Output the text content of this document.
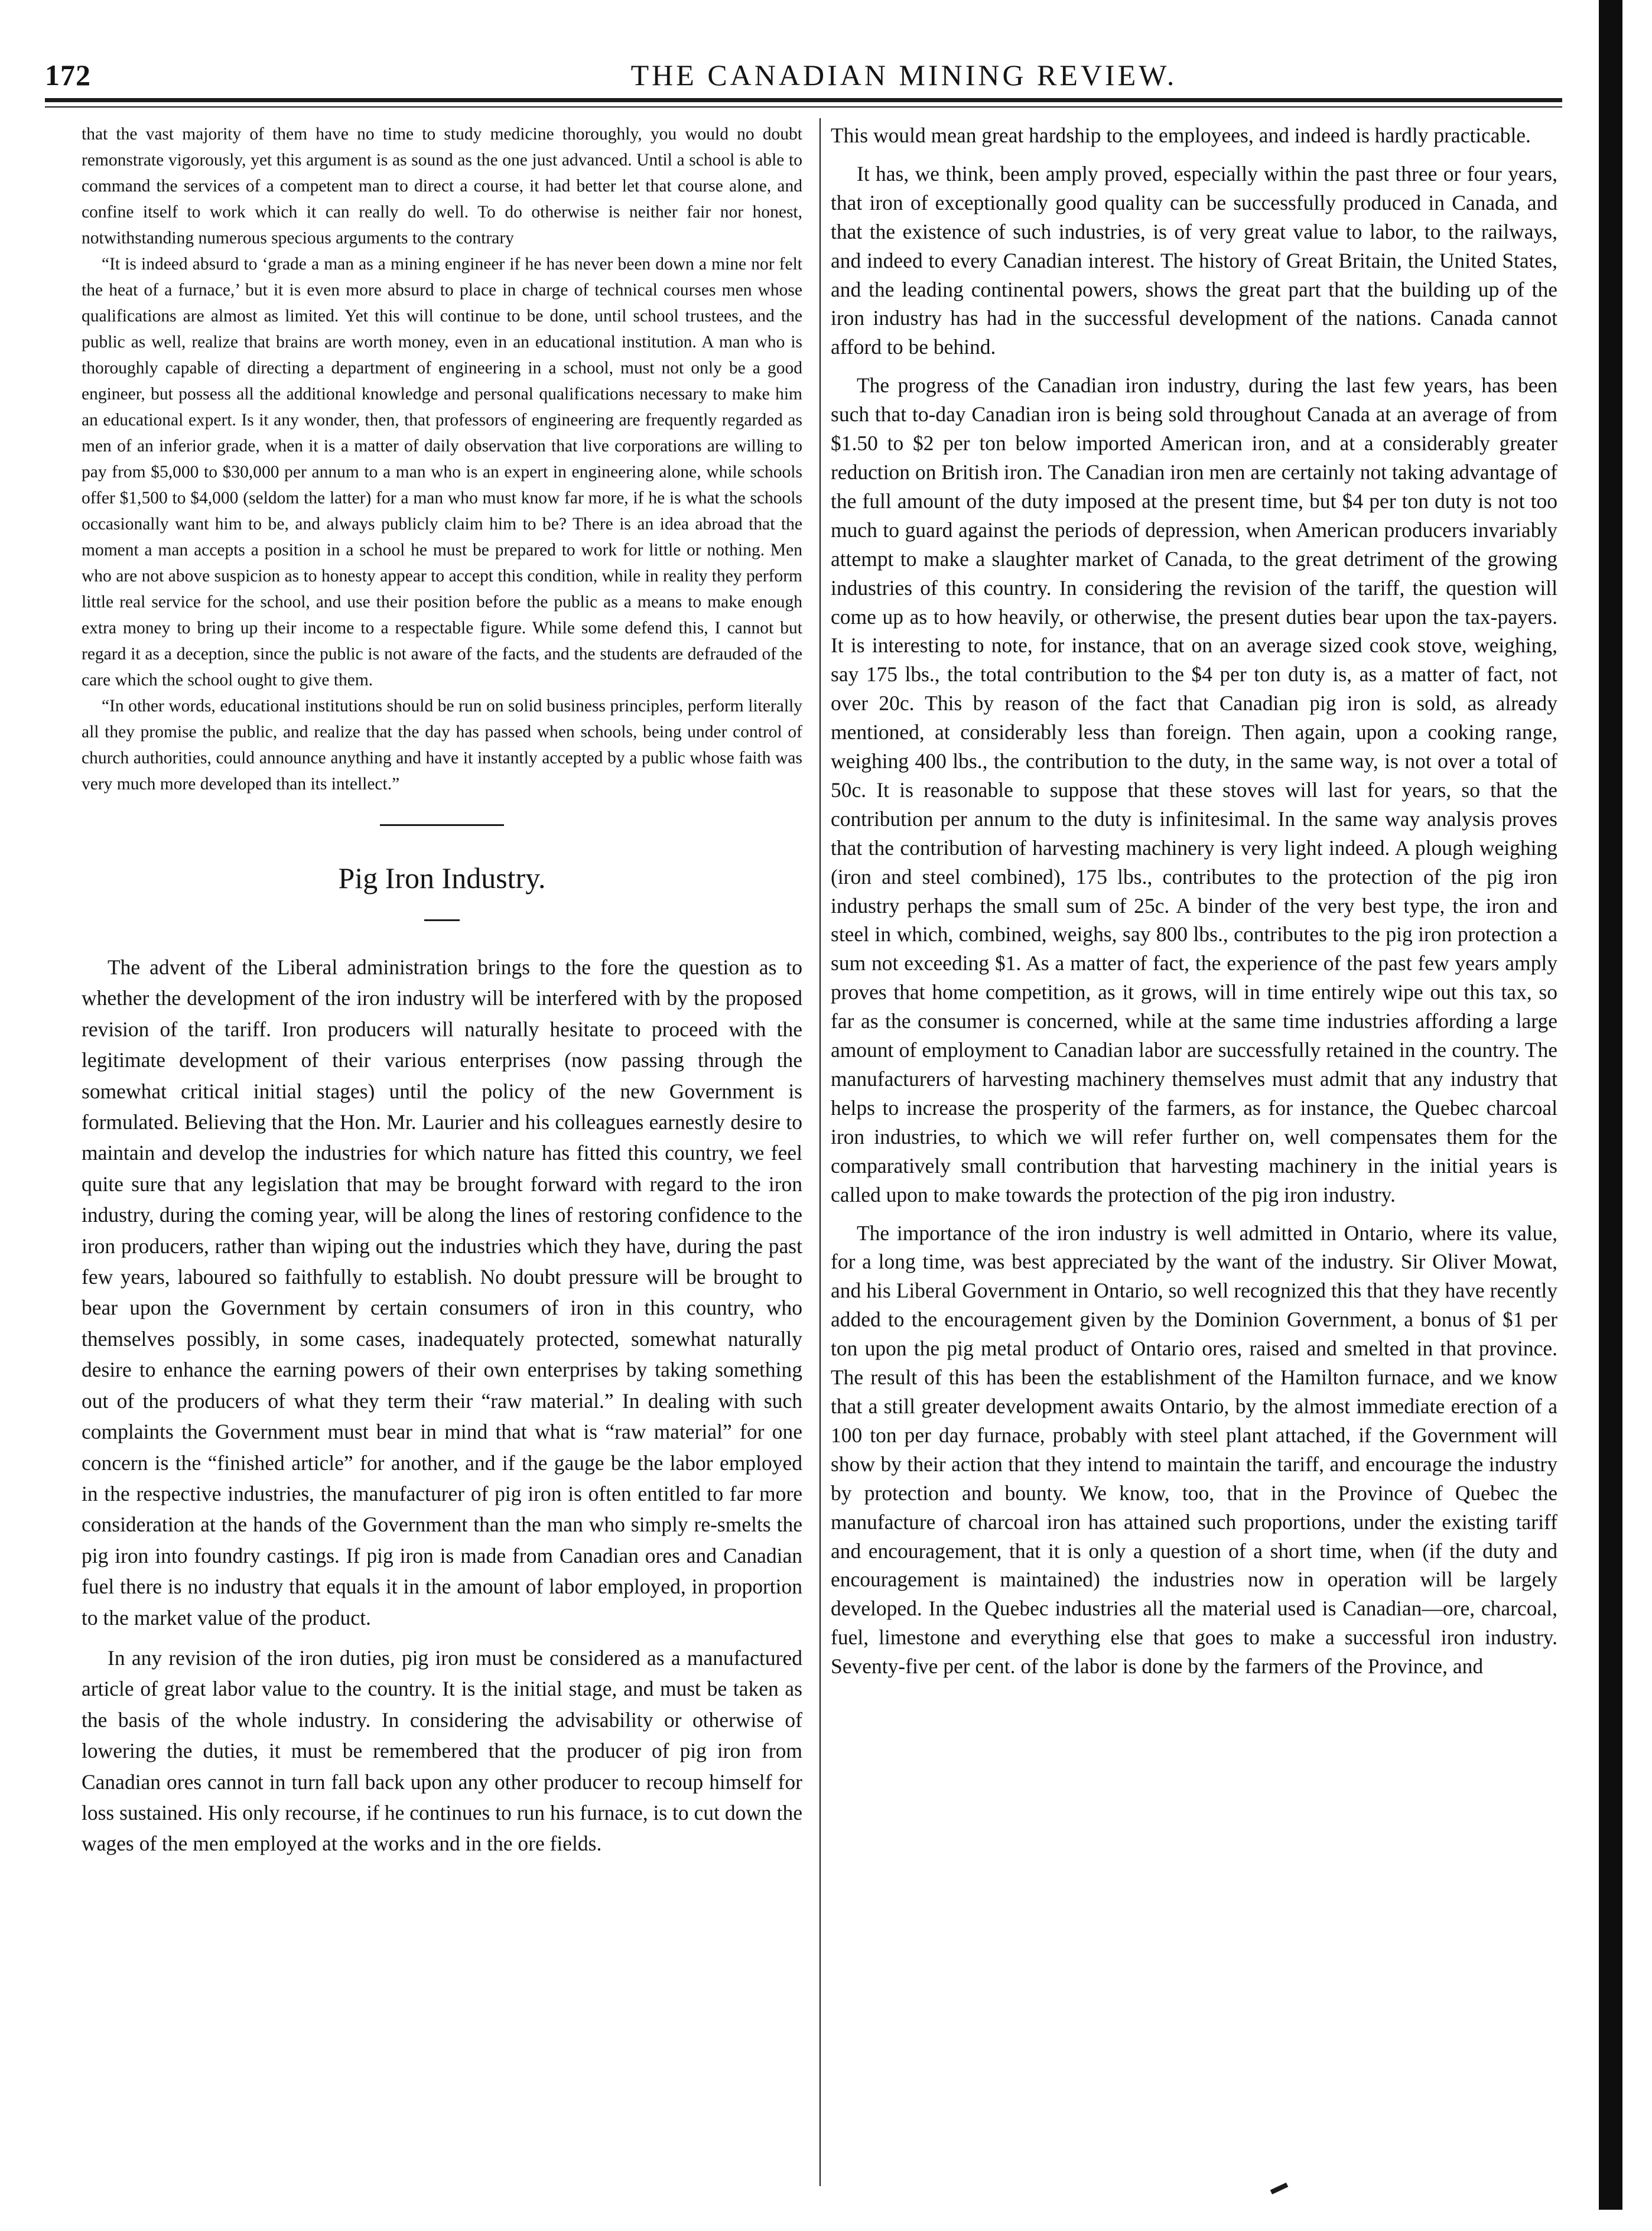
172	THE CANADIAN MINING REVIEW.

that the vast majority of them have no time to study medicine thoroughly, you would no doubt remonstrate vigorously, yet this argument is as sound as the one just advanced. Until a school is able to command the services of a competent man to direct a course, it had better let that course alone, and confine itself to work which it can really do well. To do otherwise is neither fair nor honest, notwithstanding numerous specious arguments to the contrary

“It is indeed absurd to ‘grade a man as a mining engineer if he has never been down a mine nor felt the heat of a furnace,’ but it is even more absurd to place in charge of technical courses men whose qualifications are almost as limited. Yet this will continue to be done, until school trustees, and the public as well, realize that brains are worth money, even in an educational institution. A man who is thoroughly capable of directing a department of engineering in a school, must not only be a good engineer, but possess all the additional knowledge and personal qualifications necessary to make him an educational expert. Is it any wonder, then, that professors of engineering are frequently regarded as men of an inferior grade, when it is a matter of daily observation that live corporations are willing to pay from $5,000 to $30,000 per annum to a man who is an expert in engineering alone, while schools offer $1,500 to $4,000 (seldom the latter) for a man who must know far more, if he is what the schools occasionally want him to be, and always publicly claim him to be? There is an idea abroad that the moment a man accepts a position in a school he must be prepared to work for little or nothing. Men who are not above suspicion as to honesty appear to accept this condition, while in reality they perform little real service for the school, and use their position before the public as a means to make enough extra money to bring up their income to a respectable figure. While some defend this, I cannot but regard it as a deception, since the public is not aware of the facts, and the students are defrauded of the care which the school ought to give them.

“In other words, educational institutions should be run on solid business principles, perform literally all they promise the public, and realize that the day has passed when schools, being under control of church authorities, could announce anything and have it instantly accepted by a public whose faith was very much more developed than its intellect.”

Pig Iron Industry.

The advent of the Liberal administration brings to the fore the question as to whether the development of the iron industry will be interfered with by the proposed revision of the tariff. Iron producers will naturally hesitate to proceed with the legitimate development of their various enterprises (now passing through the somewhat critical initial stages) until the policy of the new Government is formulated. Believing that the Hon. Mr. Laurier and his colleagues earnestly desire to maintain and develop the industries for which nature has fitted this country, we feel quite sure that any legislation that may be brought forward with regard to the iron industry, during the coming year, will be along the lines of restoring confidence to the iron producers, rather than wiping out the industries which they have, during the past few years, laboured so faithfully to establish. No doubt pressure will be brought to bear upon the Government by certain consumers of iron in this country, who themselves possibly, in some cases, inadequately protected, somewhat naturally desire to enhance the earning powers of their own enterprises by taking something out of the producers of what they term their “raw material.” In dealing with such complaints the Government must bear in mind that what is “raw material” for one concern is the “finished article” for another, and if the gauge be the labor employed in the respective industries, the manufacturer of pig iron is often entitled to far more consideration at the hands of the Government than the man who simply re-smelts the pig iron into foundry castings. If pig iron is made from Canadian ores and Canadian fuel there is no industry that equals it in the amount of labor employed, in proportion to the market value of the product.

In any revision of the iron duties, pig iron must be considered as a manufactured article of great labor value to the country. It is the initial stage, and must be taken as the basis of the whole industry. In considering the advisability or otherwise of lowering the duties, it must be remembered that the producer of pig iron from Canadian ores cannot in turn fall back upon any other producer to recoup himself for loss sustained. His only recourse, if he continues to run his furnace, is to cut down the wages of the men employed at the works and in the ore fields.

This would mean great hardship to the employees, and indeed is hardly practicable.

It has, we think, been amply proved, especially within the past three or four years, that iron of exceptionally good quality can be successfully produced in Canada, and that the existence of such industries, is of very great value to labor, to the railways, and indeed to every Canadian interest. The history of Great Britain, the United States, and the leading continental powers, shows the great part that the building up of the iron industry has had in the successful development of the nations. Canada cannot afford to be behind.

The progress of the Canadian iron industry, during the last few years, has been such that to-day Canadian iron is being sold throughout Canada at an average of from $1.50 to $2 per ton below imported American iron, and at a considerably greater reduction on British iron. The Canadian iron men are certainly not taking advantage of the full amount of the duty imposed at the present time, but $4 per ton duty is not too much to guard against the periods of depression, when American producers invariably attempt to make a slaughter market of Canada, to the great detriment of the growing industries of this country. In considering the revision of the tariff, the question will come up as to how heavily, or otherwise, the present duties bear upon the tax-payers. It is interesting to note, for instance, that on an average sized cook stove, weighing, say 175 lbs., the total contribution to the $4 per ton duty is, as a matter of fact, not over 20c. This by reason of the fact that Canadian pig iron is sold, as already mentioned, at considerably less than foreign. Then again, upon a cooking range, weighing 400 lbs., the contribution to the duty, in the same way, is not over a total of 50c. It is reasonable to suppose that these stoves will last for years, so that the contribution per annum to the duty is infinitesimal. In the same way analysis proves that the contribution of harvesting machinery is very light indeed. A plough weighing (iron and steel combined), 175 lbs., contributes to the protection of the pig iron industry perhaps the small sum of 25c. A binder of the very best type, the iron and steel in which, combined, weighs, say 800 lbs., contributes to the pig iron protection a sum not exceeding $1. As a matter of fact, the experience of the past few years amply proves that home competition, as it grows, will in time entirely wipe out this tax, so far as the consumer is concerned, while at the same time industries affording a large amount of employment to Canadian labor are successfully retained in the country. The manufacturers of harvesting machinery themselves must admit that any industry that helps to increase the prosperity of the farmers, as for instance, the Quebec charcoal iron industries, to which we will refer further on, well compensates them for the comparatively small contribution that harvesting machinery in the initial years is called upon to make towards the protection of the pig iron industry.

The importance of the iron industry is well admitted in Ontario, where its value, for a long time, was best appreciated by the want of the industry. Sir Oliver Mowat, and his Liberal Government in Ontario, so well recognized this that they have recently added to the encouragement given by the Dominion Government, a bonus of $1 per ton upon the pig metal product of Ontario ores, raised and smelted in that province. The result of this has been the establishment of the Hamilton furnace, and we know that a still greater development awaits Ontario, by the almost immediate erection of a 100 ton per day furnace, probably with steel plant attached, if the Government will show by their action that they intend to maintain the tariff, and encourage the industry by protection and bounty. We know, too, that in the Province of Quebec the manufacture of charcoal iron has attained such proportions, under the existing tariff and encouragement, that it is only a question of a short time, when (if the duty and encouragement is maintained) the industries now in operation will be largely developed. In the Quebec industries all the material used is Canadian—ore, charcoal, fuel, limestone and everything else that goes to make a successful iron industry. Seventy-five per cent. of the labor is done by the farmers of the Province, and
